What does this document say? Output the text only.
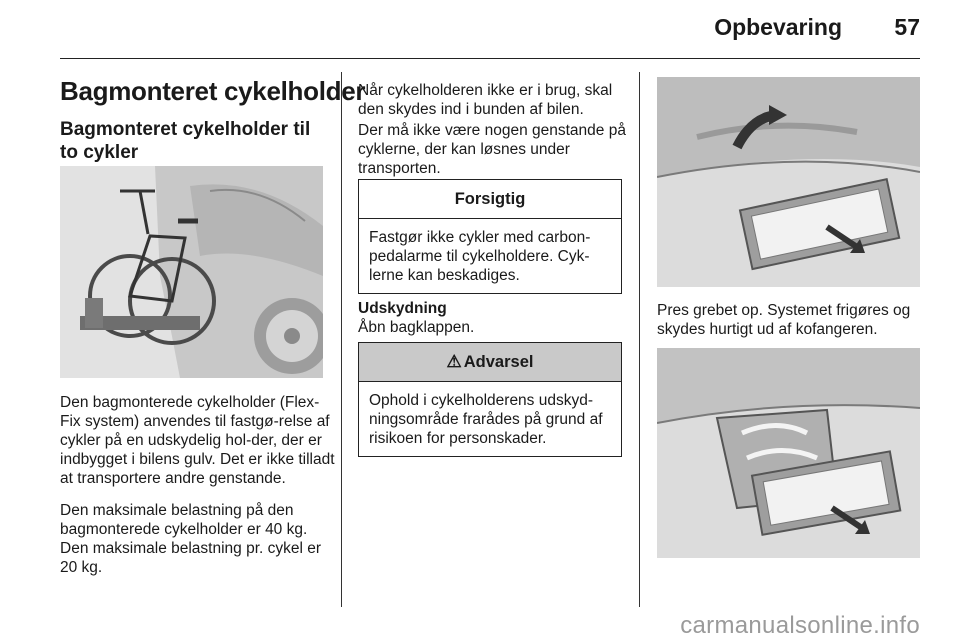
Opbevaring 57
Bagmonteret cykelholder
Bagmonteret cykelholder til to cykler

Den bagmonterede cykelholder (Flex-Fix system) anvendes til fastgø-relse af cykler på en udskydelig hol-der, der er indbygget i bilens gulv. Det er ikke tilladt at transportere andre genstande.

Den maksimale belastning på den bagmonterede cykelholder er 40 kg. Den maksimale belastning pr. cykel er 20 kg.

Når cykelholderen ikke er i brug, skal den skydes ind i bunden af bilen.

Der må ikke være nogen genstande på cyklerne, der kan løsnes under transporten.

Forsigtig
Fastgør ikke cykler med carbon-pedalarme til cykelholdere. Cyk-lerne kan beskadiges.

Udskydning
Åbn bagklappen.

⚠ Advarsel
Ophold i cykelholderens udskyd-ningsområde frarådes på grund af risikoen for personskader.

Pres grebet op. Systemet frigøres og skydes hurtigt ud af kofangeren.

carmanualsonline.info
